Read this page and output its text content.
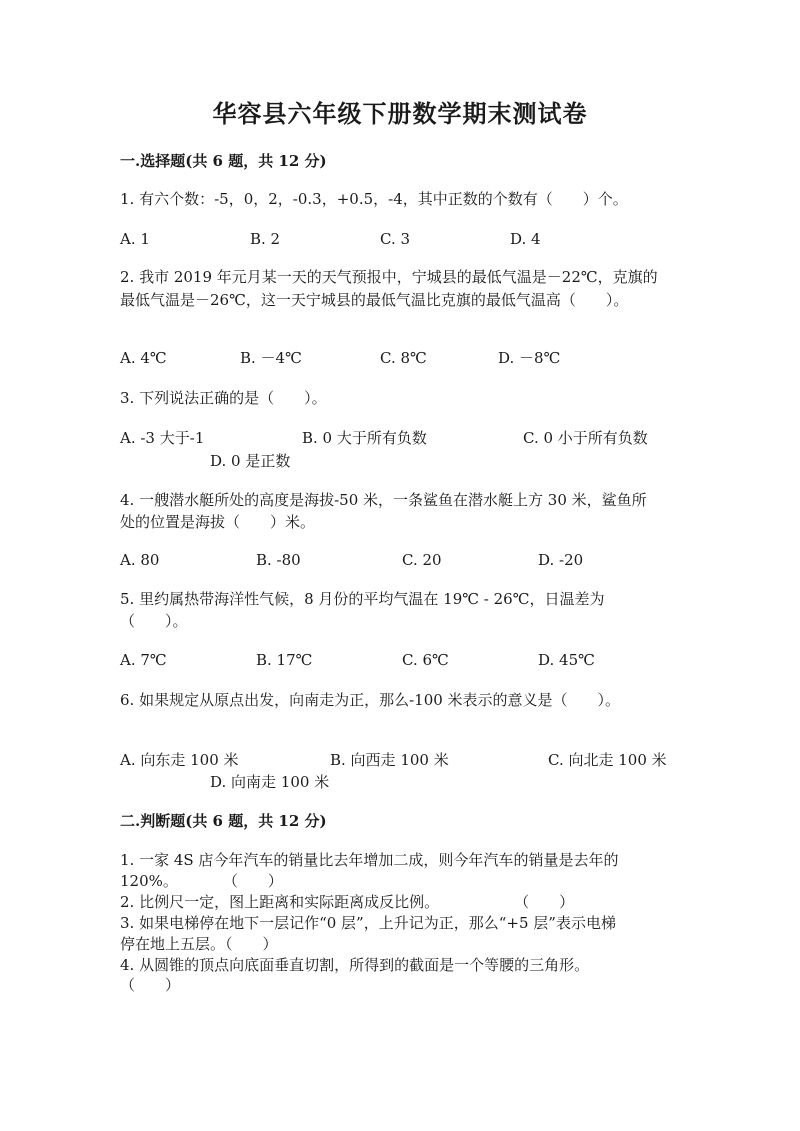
华容县六年级下册数学期末测试卷
一.选择题(共 6 题，共 12 分)
1. 有六个数：-5，0，2，-0.3，+0.5，-4，其中正数的个数有（　　）个。
A. 1	B. 2	C. 3	D. 4
2. 我市 2019 年元月某一天的天气预报中，宁城县的最低气温是－22℃，克旗的
最低气温是－26℃，这一天宁城县的最低气温比克旗的最低气温高（　　）。
A. 4℃	B. －4℃	C. 8℃	D. －8℃
3. 下列说法正确的是（　　）。
A. -3 大于-1	B. 0 大于所有负数	C. 0 小于所有负数
D. 0 是正数
4. 一艘潜水艇所处的高度是海拔-50 米，一条鲨鱼在潜水艇上方 30 米，鲨鱼所
处的位置是海拔（　　）米。
A. 80	B. -80	C. 20	D. -20
5. 里约属热带海洋性气候，8 月份的平均气温在 19℃ - 26℃，日温差为
（　　）。
A. 7℃	B. 17℃	C. 6℃	D. 45℃
6. 如果规定从原点出发，向南走为正，那么-100 米表示的意义是（　　）。
A. 向东走 100 米	B. 向西走 100 米	C. 向北走 100 米
D. 向南走 100 米
二.判断题(共 6 题，共 12 分)
1. 一家 4S 店今年汽车的销量比去年增加二成，则今年汽车的销量是去年的
120%。　　　　（　　）
2. 比例尺一定，图上距离和实际距离成反比例。　　　　　　（　　）
3. 如果电梯停在地下一层记作“0 层”，上升记为正，那么“+5 层”表示电梯
停在地上五层。（　　）
4. 从圆锥的顶点向底面垂直切割，所得到的截面是一个等腰的三角形。
（　　）
